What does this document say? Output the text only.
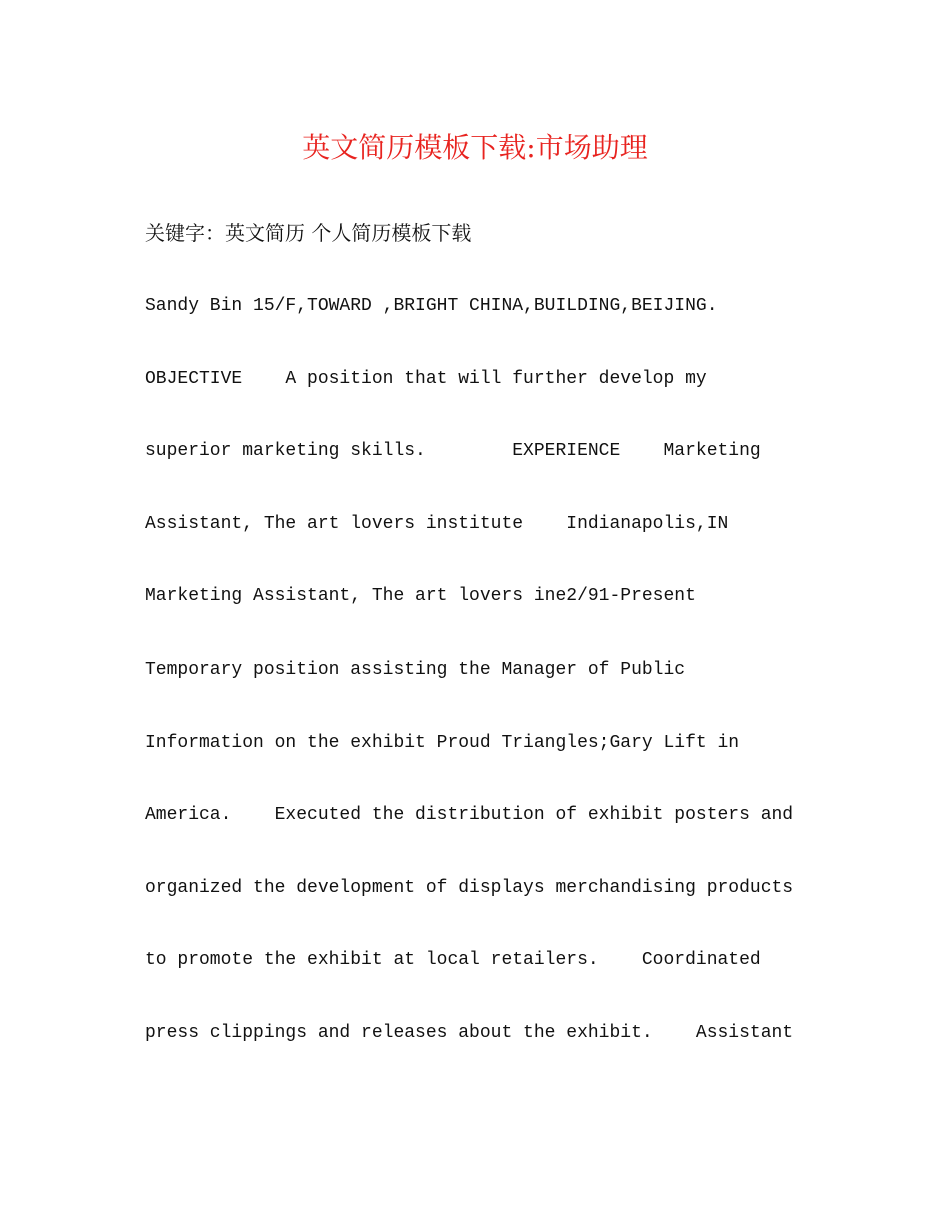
英文简历模板下载:市场助理
关键字：英文简历 个人简历模板下载
Sandy Bin 15/F,TOWARD ,BRIGHT CHINA,BUILDING,BEIJING.
OBJECTIVE    A position that will further develop my
superior marketing skills.        EXPERIENCE    Marketing
Assistant, The art lovers institute    Indianapolis,IN
Marketing Assistant, The art lovers ine2/91-Present
Temporary position assisting the Manager of Public
Information on the exhibit Proud Triangles;Gary Lift in
America.    Executed the distribution of exhibit posters and
organized the development of displays merchandising products
to promote the exhibit at local retailers.    Coordinated
press clippings and releases about the exhibit.    Assistant
